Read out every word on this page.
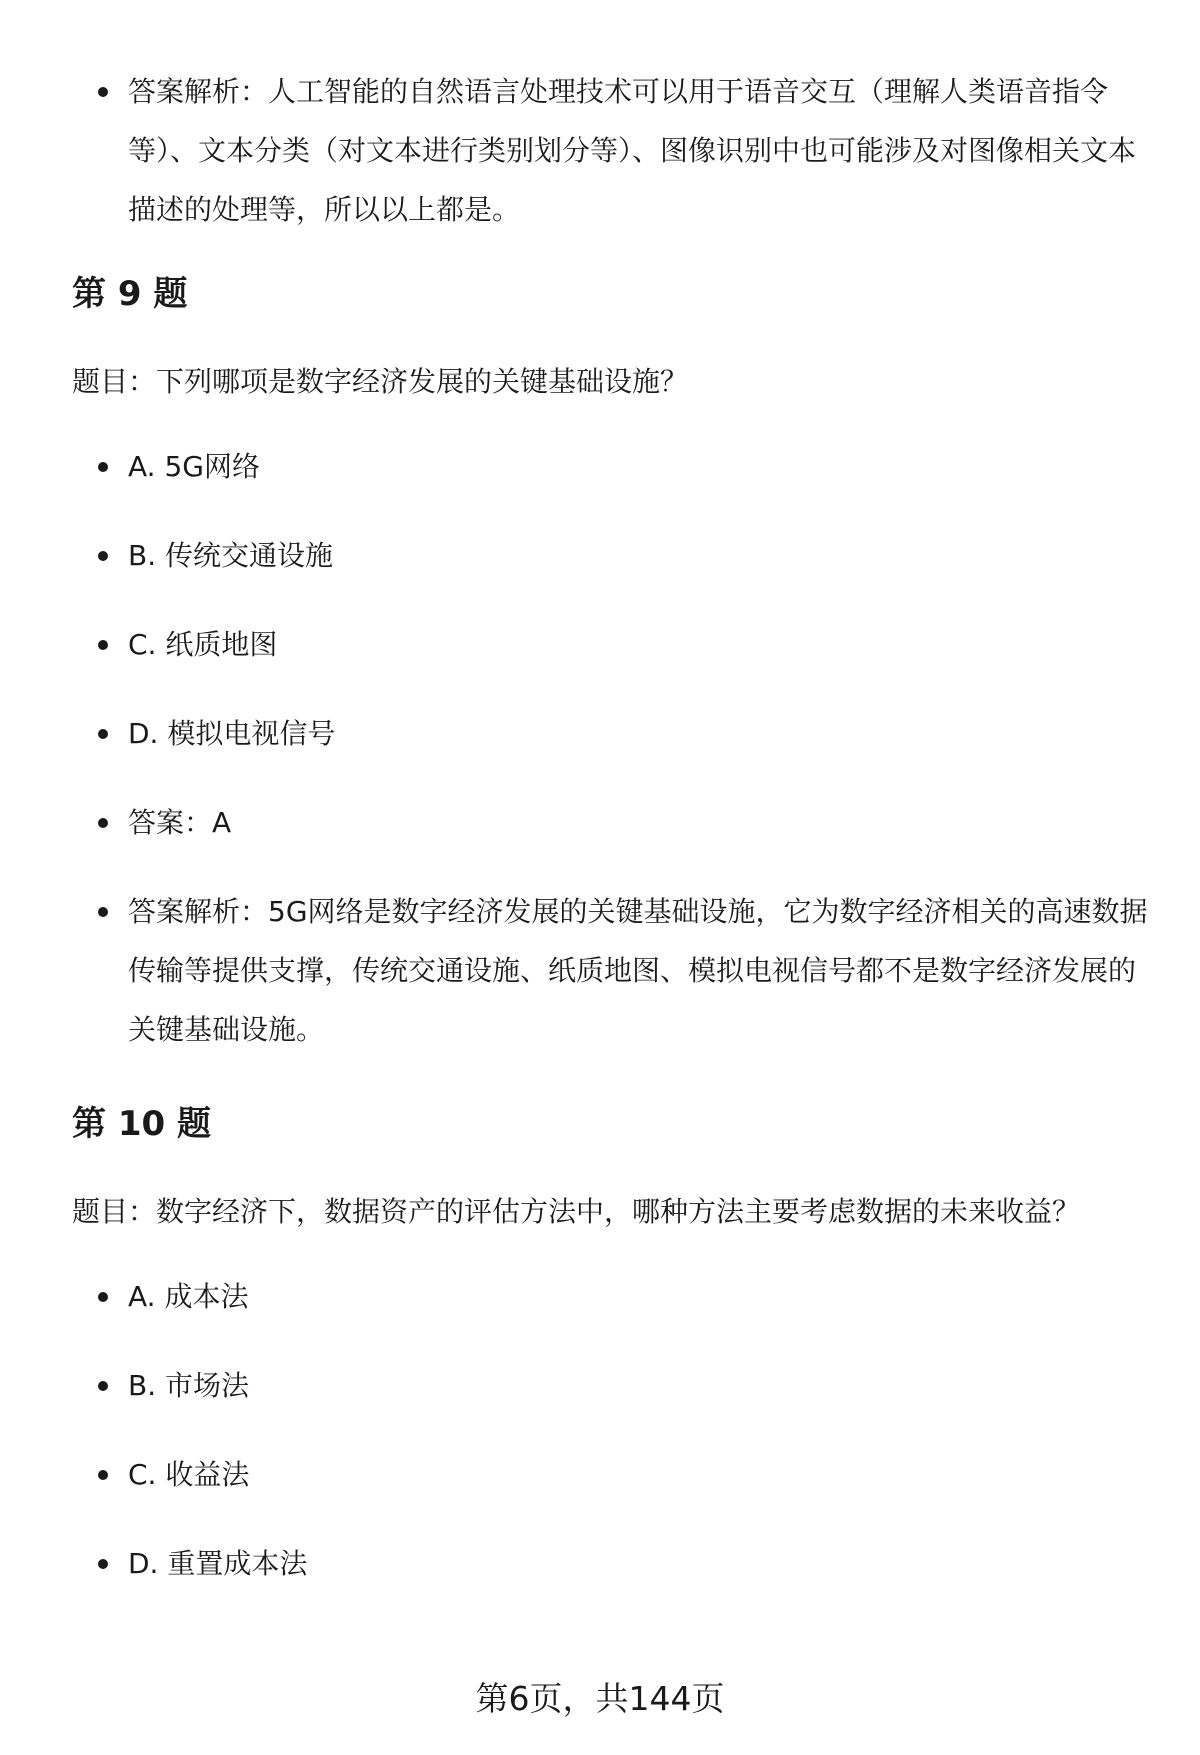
答案解析：人工智能的自然语言处理技术可以用于语音交互（理解人类语音指令等）、文本分类（对文本进行类别划分等）、图像识别中也可能涉及对图像相关文本描述的处理等，所以以上都是。
第 9 题

题目：下列哪项是数字经济发展的关键基础设施？

A. 5G网络
B. 传统交通设施
C. 纸质地图
D. 模拟电视信号
答案：A
答案解析：5G网络是数字经济发展的关键基础设施，它为数字经济相关的高速数据传输等提供支撑，传统交通设施、纸质地图、模拟电视信号都不是数字经济发展的关键基础设施。
第 10 题

题目：数字经济下，数据资产的评估方法中，哪种方法主要考虑数据的未来收益？

A. 成本法
B. 市场法
C. 收益法
D. 重置成本法
第6页，共144页
